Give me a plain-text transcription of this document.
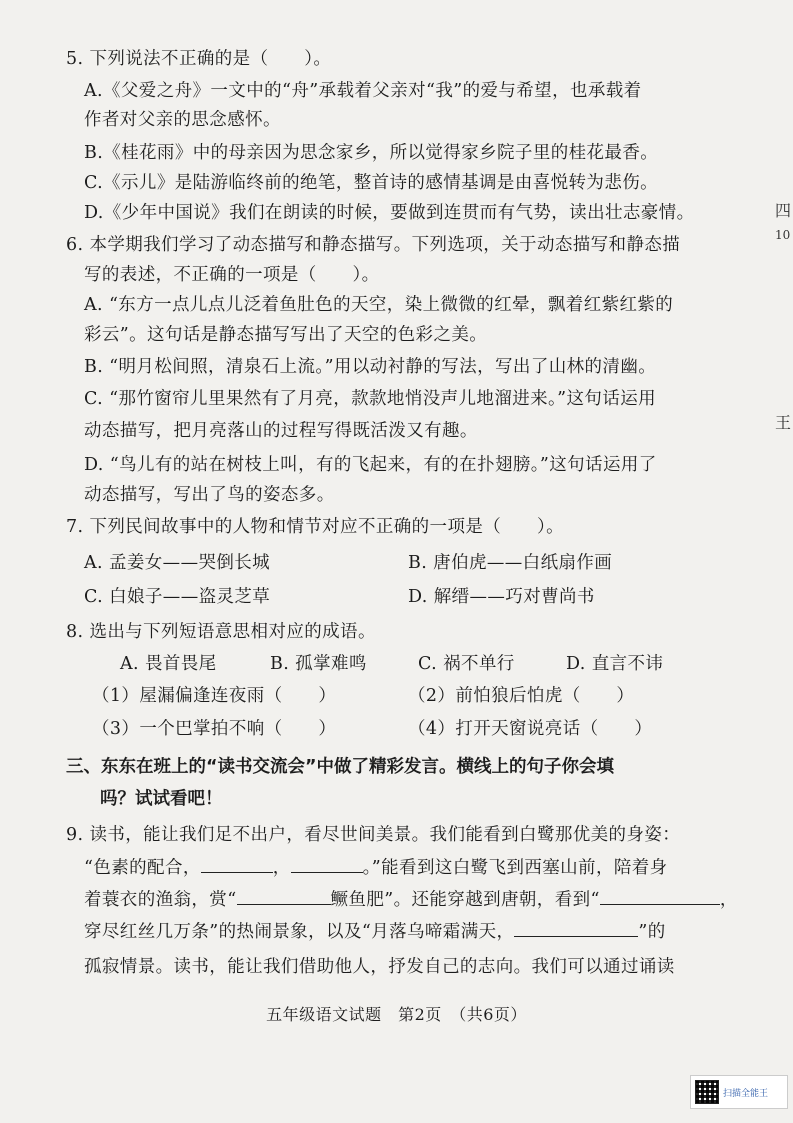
5. 下列说法不正确的是（　　）。
A.《父爱之舟》一文中的“舟”承载着父亲对“我”的爱与希望，也承载着
作者对父亲的思念感怀。
B.《桂花雨》中的母亲因为思念家乡，所以觉得家乡院子里的桂花最香。
C.《示儿》是陆游临终前的绝笔，整首诗的感情基调是由喜悦转为悲伤。
D.《少年中国说》我们在朗读的时候，要做到连贯而有气势，读出壮志豪情。
6. 本学期我们学习了动态描写和静态描写。下列选项，关于动态描写和静态描
写的表述，不正确的一项是（　　）。
A. “东方一点儿点儿泛着鱼肚色的天空，染上微微的红晕，飘着红紫红紫的
彩云”。这句话是静态描写写出了天空的色彩之美。
B. “明月松间照，清泉石上流。”用以动衬静的写法，写出了山林的清幽。
C. “那竹窗帘儿里果然有了月亮，款款地悄没声儿地溜进来。”这句话运用
动态描写，把月亮落山的过程写得既活泼又有趣。
D. “鸟儿有的站在树枝上叫，有的飞起来，有的在扑翅膀。”这句话运用了
动态描写，写出了鸟的姿态多。
7. 下列民间故事中的人物和情节对应不正确的一项是（　　）。
A. 孟姜女——哭倒长城	B. 唐伯虎——白纸扇作画
C. 白娘子——盗灵芝草	D. 解缙——巧对曹尚书
8. 选出与下列短语意思相对应的成语。
A. 畏首畏尾	B. 孤掌难鸣	C. 祸不单行	D. 直言不讳
（1）屋漏偏逢连夜雨（　　）	（2）前怕狼后怕虎（　　）
（3）一个巴掌拍不响（　　）	（4）打开天窗说亮话（　　）
三、东东在班上的“读书交流会”中做了精彩发言。横线上的句子你会填
吗？试试看吧！
9. 读书，能让我们足不出户，看尽世间美景。我们能看到白鹭那优美的身姿：
“色素的配合，	，	。”能看到这白鹭飞到西塞山前，陪着身
着蓑衣的渔翁，赏“	鳜鱼肥”。还能穿越到唐朝，看到“	，
穿尽红丝几万条”的热闹景象，以及“月落乌啼霜满天，	”的
孤寂情景。读书，能让我们借助他人，抒发自己的志向。我们可以通过诵读
五年级语文试题　第2页　（共6页）
四
10
王
扫描全能王
